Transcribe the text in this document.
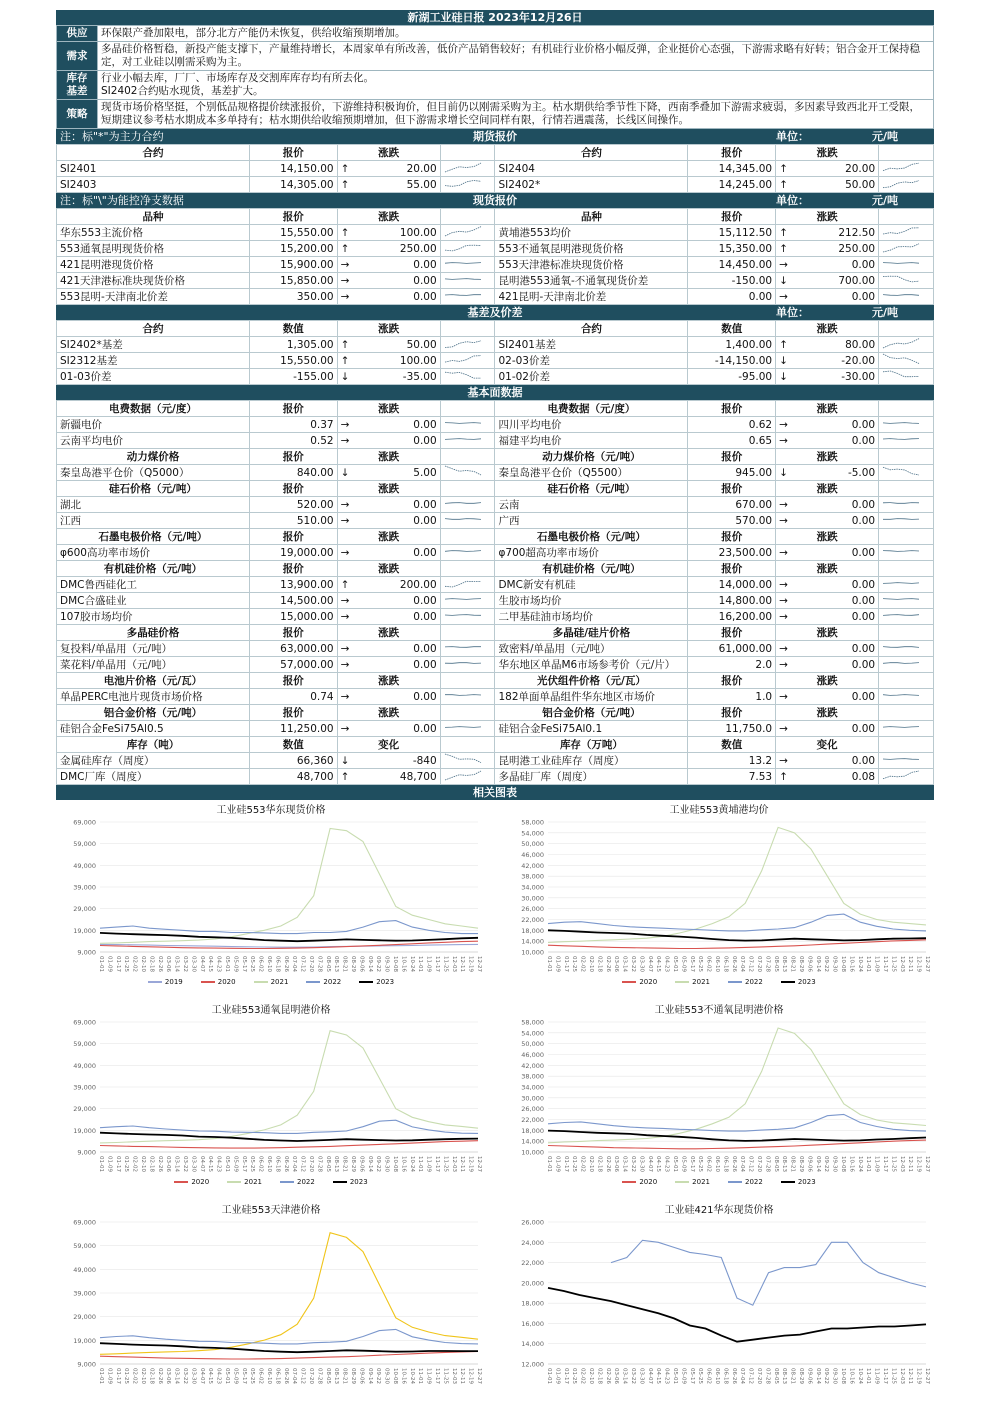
新湖工业硅日报 2023年12月26日
供应	环保限产叠加限电，部分北方产能仍未恢复，供给收缩预期增加。
需求	多晶硅价格暂稳，新投产能支撑下，产量维持增长，本周家单有所改善，低价产品销售较好；有机硅行业价格小幅反弹，企业挺价心态强，下游需求略有好转；铝合金开工保持稳定，对工业硅以刚需采购为主。
库存
基差	行业小幅去库，厂厂、市场库存及交割库库存均有所去化。
SI2402合约贴水现货，基差扩大。
策略	现货市场价格坚挺，个别低品规格提价续涨报价，下游维持积极询价，但目前仍以刚需采购为主。枯水期供给季节性下降，西南季叠加下游需求疲弱，多因素导致西北开工受限，短期建议参考枯水期成本多单持有；枯水期供给收缩预期增加，但下游需求增长空间同样有限，行情若遇震荡，长线区间操作。
注：标"*"为主力合约	期货报价	单位：	元/吨
合约	报价	涨跌			合约	报价	涨跌		
SI2401	14,150.00	↑	20.00		SI2404	14,345.00	↑	20.00	
SI2403	14,305.00	↑	55.00		SI2402*	14,245.00	↑	50.00	
注：标"\"为能控净支数据	现货报价	单位：	元/吨
品种	报价	涨跌			品种	报价	涨跌		
华东553主流价格	15,550.00	↑	100.00		黄埔港553均价	15,112.50	↑	212.50	
553通氧昆明现货价格	15,200.00	↑	250.00		553不通氧昆明港现货价格	15,350.00	↑	250.00	
421昆明港现货价格	15,900.00	→	0.00		553天津港标准块现货价格	14,450.00	→	0.00	
421天津港标准块现货价格	15,850.00	→	0.00		昆明港553通氧-不通氧现货价差	-150.00	↓	700.00	
553昆明-天津南北价差	350.00	→	0.00		421昆明-天津南北价差	0.00	→	0.00	
基差及价差	单位：	元/吨
合约	数值	涨跌			合约	数值	涨跌		
SI2402*基差	1,305.00	↑	50.00		SI2401基差	1,400.00	↑	80.00	
SI2312基差	15,550.00	↑	100.00		02-03价差	-14,150.00	↓	-20.00	
01-03价差	-155.00	↓	-35.00		01-02价差	-95.00	↓	-30.00	
基本面数据
电费数据（元/度）	报价	涨跌			电费数据（元/度）	报价	涨跌		
新疆电价	0.37	→	0.00		四川平均电价	0.62	→	0.00	
云南平均电价	0.52	→	0.00		福建平均电价	0.65	→	0.00	
动力煤价格	报价	涨跌			动力煤价格（元/吨）	报价	涨跌		
秦皇岛港平仓价（Q5000）	840.00	↓	5.00		秦皇岛港平仓价（Q5500）	945.00	↓	-5.00	
硅石价格（元/吨）	报价	涨跌			硅石价格（元/吨）	报价	涨跌		
湖北	520.00	→	0.00		云南	670.00	→	0.00	
江西	510.00	→	0.00		广西	570.00	→	0.00	
石墨电极价格（元/吨）	报价	涨跌			石墨电极价格（元/吨）	报价	涨跌		
φ600高功率市场价	19,000.00	→	0.00		φ700超高功率市场价	23,500.00	→	0.00	
有机硅价格（元/吨）	报价	涨跌			有机硅价格（元/吨）	报价	涨跌		
DMC鲁西硅化工	13,900.00	↑	200.00		DMC新安有机硅	14,000.00	→	0.00	
DMC合盛硅业	14,500.00	→	0.00		生胶市场均价	14,800.00	→	0.00	
107胶市场均价	15,000.00	→	0.00		二甲基硅油市场均价	16,200.00	→	0.00	
多晶硅价格	报价	涨跌			多晶硅/硅片价格	报价	涨跌		
复投料/单晶用（元/吨）	63,000.00	→	0.00		致密料/单晶用（元/吨）	61,000.00	→	0.00	
菜花料/单晶用（元/吨）	57,000.00	→	0.00		华东地区单晶M6市场参考价（元/片）	2.0	→	0.00	
电池片价格（元/瓦）	报价	涨跌			光伏组件价格（元/瓦）	报价	涨跌		
单晶PERC电池片现货市场价格	0.74	→	0.00		182单面单晶组件华东地区市场价	1.0	→	0.00	
铝合金价格（元/吨）	报价	涨跌			铝合金价格（元/吨）	报价	涨跌		
硅铝合金FeSi75Al0.5	11,250.00	→	0.00		硅铝合金FeSi75Al0.1	11,750.0	→	0.00	
库存（吨）	数值	变化			库存（万吨）	数值	变化		
金属硅库存（周度）	66,360	↓	-840		昆明港工业硅库存（周度）	13.2	→	0.00	
DMC厂库（周度）	48,700	↑	48,700		多晶硅厂库（周度）	7.53	↑	0.08	
相关图表
工业硅553华东现货价格
9,000
19,000
29,000
39,000
49,000
59,000
69,000
01-01 01-09 01-17 01-25 02-02 02-10 02-18 02-26 03-06 03-14 03-22 03-30 04-07 04-15 04-23 05-01 05-09 05-17 05-25 06-02 06-10 06-18 06-26 07-04 07-12 07-20 07-28 08-05 08-13 08-21 08-29 09-06 09-14 09-22 09-30 10-08 10-16 10-24 11-01 11-09 11-17 11-25 12-03 12-11 12-19 12-27
2019	2020	2021	2022	2023
工业硅553黄埔港均价
10,000
14,000
18,000
22,000
26,000
30,000
34,000
38,000
42,000
46,000
50,000
54,000
58,000
01-01 01-09 01-17 01-25 02-02 02-10 02-18 02-26 03-06 03-14 03-22 03-30 04-07 04-15 04-23 05-01 05-09 05-17 05-25 06-02 06-10 06-18 06-26 07-04 07-12 07-20 07-28 08-05 08-13 08-21 08-29 09-06 09-14 09-22 09-30 10-08 10-16 10-24 11-01 11-09 11-17 11-25 12-03 12-11 12-19 12-27
2020	2021	2022	2023
工业硅553通氧昆明港价格
9,000
19,000
29,000
39,000
49,000
59,000
69,000
01-01 01-09 01-17 01-25 02-02 02-10 02-18 02-26 03-06 03-14 03-22 03-30 04-07 04-15 04-23 05-01 05-09 05-17 05-25 06-02 06-10 06-18 06-26 07-04 07-12 07-20 07-28 08-05 08-13 08-21 08-29 09-06 09-14 09-22 09-30 10-08 10-16 10-24 11-01 11-09 11-17 11-25 12-03 12-11 12-19 12-27
2020	2021	2022	2023
工业硅553不通氧昆明港价格
10,000
14,000
18,000
22,000
26,000
30,000
34,000
38,000
42,000
46,000
50,000
54,000
58,000
01-01 01-09 01-17 01-25 02-02 02-10 02-18 02-26 03-06 03-14 03-22 03-30 04-07 04-15 04-23 05-01 05-09 05-17 05-25 06-02 06-10 06-18 06-26 07-04 07-12 07-20 07-28 08-05 08-13 08-21 08-29 09-06 09-14 09-22 09-30 10-08 10-16 10-24 11-01 11-09 11-17 11-25 12-03 12-11 12-19 12-27
2020	2021	2022	2023
工业硅553天津港价格
9,000
19,000
29,000
39,000
49,000
59,000
69,000
01-01 01-09 01-17 01-25 02-02 02-10 02-18 02-26 03-06 03-14 03-22 03-30 04-07 04-15 04-23 05-01 05-09 05-17 05-25 06-02 06-10 06-18 06-26 07-04 07-12 07-20 07-28 08-05 08-13 08-21 08-29 09-06 09-14 09-22 09-30 10-08 10-16 10-24 11-01 11-09 11-17 11-25 12-03 12-11 12-19 12-27
工业硅421华东现货价格
12,000
14,000
16,000
18,000
20,000
22,000
24,000
26,000
01-01 01-09 01-17 01-25 02-02 02-10 02-18 02-26 03-06 03-14 03-22 03-30 04-07 04-15 04-23 05-01 05-09 05-17 05-25 06-02 06-10 06-18 06-26 07-04 07-12 07-20 07-28 08-05 08-13 08-21 08-29 09-06 09-14 09-22 09-30 10-08 10-16 10-24 11-01 11-09 11-17 11-25 12-03 12-11 12-19 12-27
